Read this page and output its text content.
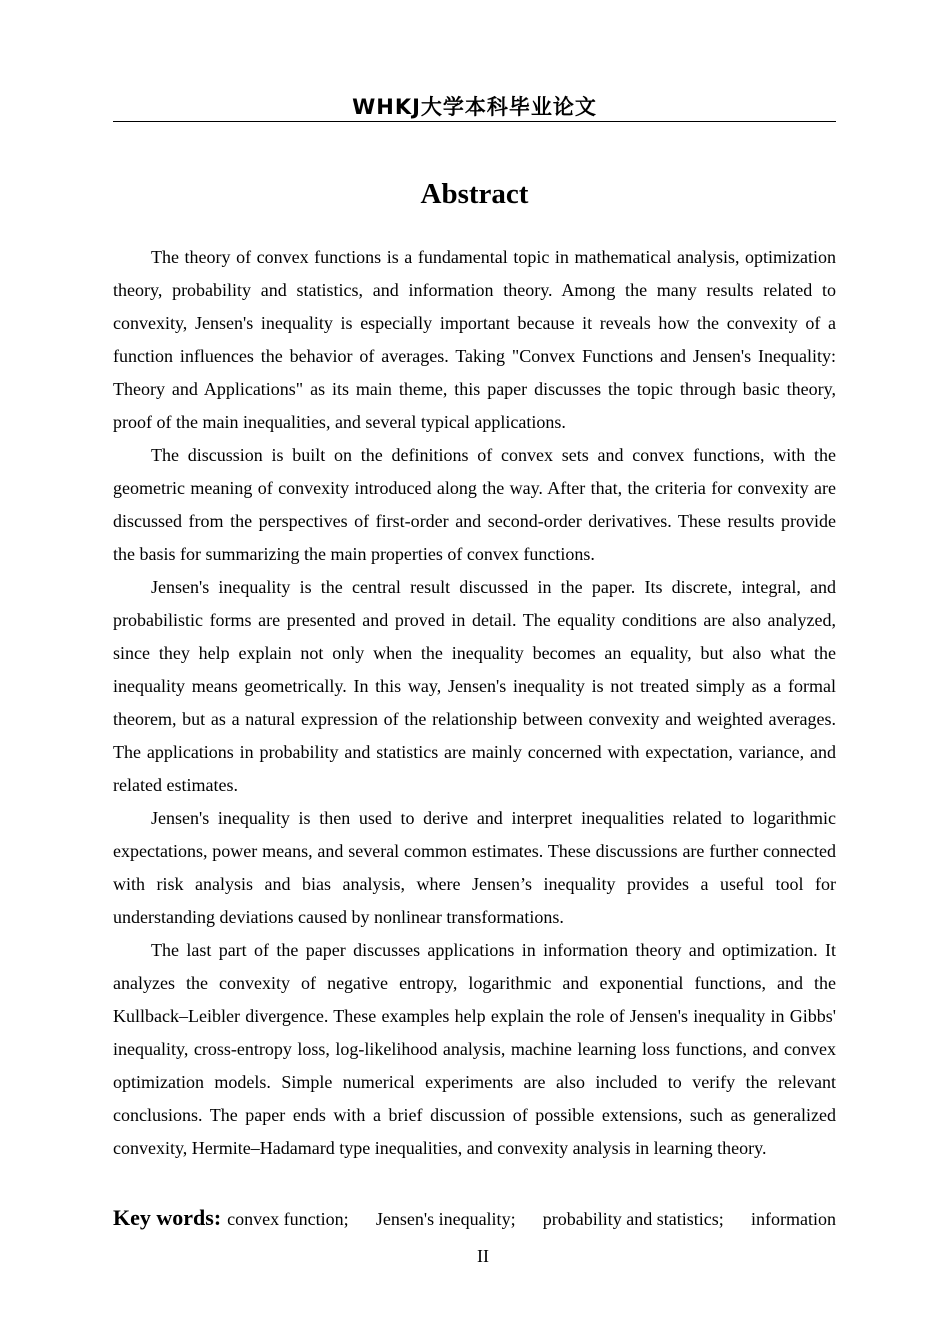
WHKJ大学本科毕业论文
Abstract

The theory of convex functions is a fundamental topic in mathematical analysis, optimization theory, probability and statistics, and information theory. Among the many results related to convexity, Jensen's inequality is especially important because it reveals how the convexity of a function influences the behavior of averages. Taking "Convex Functions and Jensen's Inequality: Theory and Applications" as its main theme, this paper discusses the topic through basic theory, proof of the main inequalities, and several typical applications.

The discussion is built on the definitions of convex sets and convex functions, with the geometric meaning of convexity introduced along the way. After that, the criteria for convexity are discussed from the perspectives of first-order and second-order derivatives. These results provide the basis for summarizing the main properties of convex functions.

Jensen's inequality is the central result discussed in the paper. Its discrete, integral, and probabilistic forms are presented and proved in detail. The equality conditions are also analyzed, since they help explain not only when the inequality becomes an equality, but also what the inequality means geometrically. In this way, Jensen's inequality is not treated simply as a formal theorem, but as a natural expression of the relationship between convexity and weighted averages. The applications in probability and statistics are mainly concerned with expectation, variance, and related estimates.

Jensen's inequality is then used to derive and interpret inequalities related to logarithmic expectations, power means, and several common estimates. These discussions are further connected with risk analysis and bias analysis, where Jensen’s inequality provides a useful tool for understanding deviations caused by nonlinear transformations.

The last part of the paper discusses applications in information theory and optimization. It analyzes the convexity of negative entropy, logarithmic and exponential functions, and the Kullback–Leibler divergence. These examples help explain the role of Jensen's inequality in Gibbs' inequality, cross-entropy loss, log-likelihood analysis, machine learning loss functions, and convex optimization models. Simple numerical experiments are also included to verify the relevant conclusions. The paper ends with a brief discussion of possible extensions, such as generalized convexity, Hermite–Hadamard type inequalities, and convexity analysis in learning theory.

Key words: convex function; Jensen's inequality; probability and statistics; information
II
